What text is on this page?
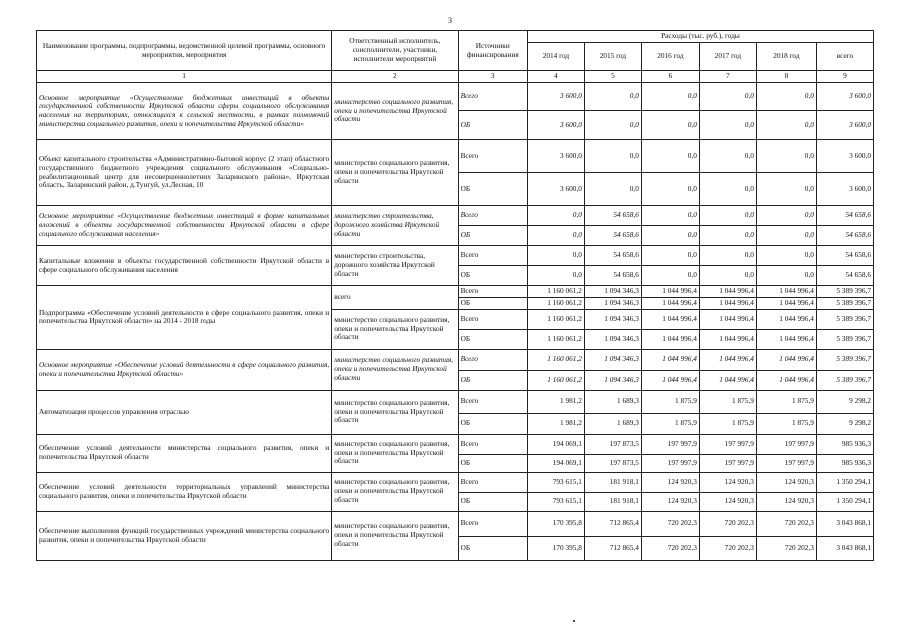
3
Наименование программы, подпрограммы, ведомственной целевой программы, основного мероприятия, мероприятия	Ответственный исполнитель, соисполнители, участники, исполнители мероприятий	Источники финансирования	Расходы (тыс. руб.), годы					
			2014 год	2015 год	2016 год	2017 год	2018 год	всего
1	2	3	4	5	6	7	8	9
Основное мероприятие «Осуществление бюджетных инвестиций в объекты государственной собственности Иркутской области сферы социального обслуживания населения на территориях, относящихся к сельской местности, в рамках полномочий министерства социального развития, опеки и попечительства Иркутской области»	министерство социального развития, опеки и попечительства Иркутской области	Всего	3 600,0	0,0	0,0	0,0	0,0	3 600,0
		ОБ	3 600,0	0,0	0,0	0,0	0,0	3 600,0
Объект капитального строительства «Административно-бытовой корпус (2 этап) областного государственного бюджетного учреждения социального обслуживания «Социально-реабилитационный центр для несовершеннолетних Заларинского района», Иркутская область, Заларинский район, д.Тунгуй, ул.Лесная, 10	министерство социального развития, опеки и попечительства Иркутской области	Всего	3 600,0	0,0	0,0	0,0	0,0	3 600,0
		ОБ	3 600,0	0,0	0,0	0,0	0,0	3 600,0
Основное мероприятие «Осуществление бюджетных инвестиций в форме капитальных вложений в объекты государственной собственности Иркутской области в сфере социального обслуживания населения»	министерство строительства, дорожного хозяйства Иркутской области	Всего	0,0	54 658,6	0,0	0,0	0,0	54 658,6
		ОБ	0,0	54 658,6	0,0	0,0	0,0	54 658,6
Капитальные вложения в объекты государственной собственности Иркутской области в сфере социального обслуживания населения	министерство строительства, дорожного хозяйства Иркутской области	Всего	0,0	54 658,6	0,0	0,0	0,0	54 658,6
		ОБ	0,0	54 658,6	0,0	0,0	0,0	54 658,6
Подпрограмма «Обеспечение условий деятельности в сфере социального развития, опеки и попечительства Иркутской области» на 2014 - 2018 годы	всего	Всего	1 160 061,2	1 094 346,3	1 044 996,4	1 044 996,4	1 044 996,4	5 389 396,7
		ОБ	1 160 061,2	1 094 346,3	1 044 996,4	1 044 996,4	1 044 996,4	5 389 396,7
	министерство социального развития, опеки и попечительства Иркутской области	Всего	1 160 061,2	1 094 346,3	1 044 996,4	1 044 996,4	1 044 996,4	5 389 396,7
		ОБ	1 160 061,2	1 094 346,3	1 044 996,4	1 044 996,4	1 044 996,4	5 389 396,7
Основное мероприятие «Обеспечение условий деятельности в сфере социального развития, опеки и попечительства Иркутской области»	министерство социального развития, опеки и попечительства Иркутской области	Всего	1 160 061,2	1 094 346,3	1 044 996,4	1 044 996,4	1 044 996,4	5 389 396,7
		ОБ	1 160 061,2	1 094 346,3	1 044 996,4	1 044 996,4	1 044 996,4	5 389 396,7
Автоматизация процессов управления отраслью	министерство социального развития, опеки и попечительства Иркутской области	Всего	1 981,2	1 689,3	1 875,9	1 875,9	1 875,9	9 298,2
		ОБ	1 981,2	1 689,3	1 875,9	1 875,9	1 875,9	9 298,2
Обеспечение условий деятельности министерства социального развития, опеки и попечительства Иркутской области	министерство социального развития, опеки и попечительства Иркутской области	Всего	194 069,1	197 873,5	197 997,9	197 997,9	197 997,9	985 936,3
		ОБ	194 069,1	197 873,5	197 997,9	197 997,9	197 997,9	985 936,3
Обеспечение условий деятельности территориальных управлений министерства социального развития, опеки и попечительства Иркутской области	министерство социального развития, опеки и попечительства Иркутской области	Всего	793 615,1	181 918,1	124 920,3	124 920,3	124 920,3	1 350 294,1
		ОБ	793 615,1	181 918,1	124 920,3	124 920,3	124 920,3	1 350 294,1
Обеспечение выполнения функций государственных учреждений министерства социального развития, опеки и попечительства Иркутской области	министерство социального развития, опеки и попечительства Иркутской области	Всего	170 395,8	712 865,4	720 202,3	720 202,3	720 202,3	3 043 868,1
		ОБ	170 395,8	712 865,4	720 202,3	720 202,3	720 202,3	3 043 868,1
